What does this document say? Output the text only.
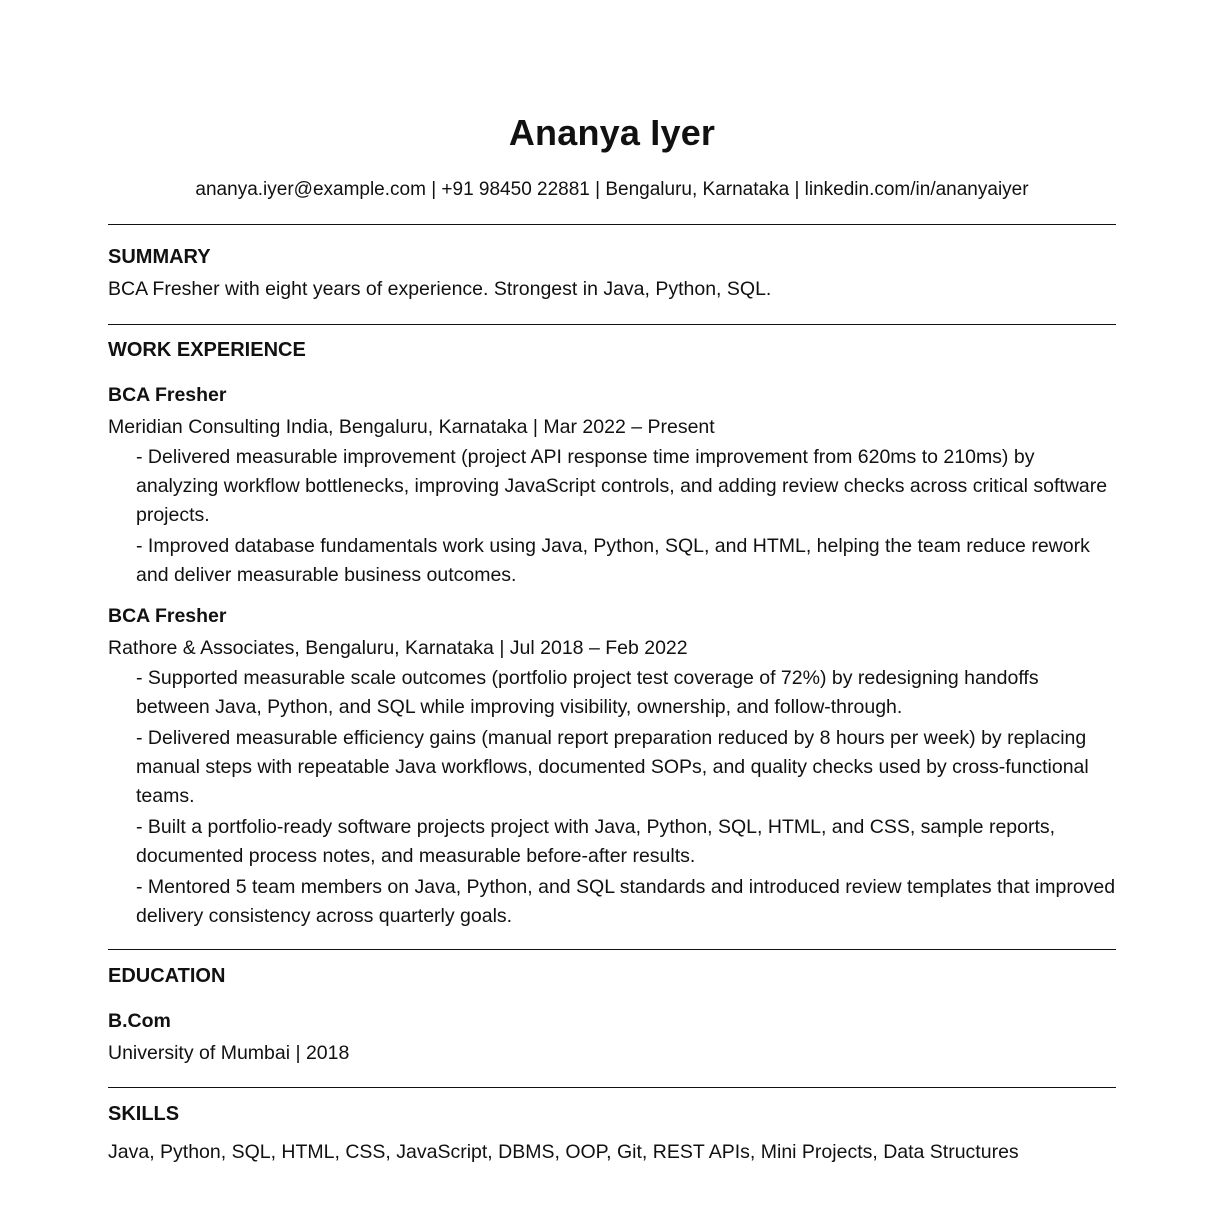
Ananya Iyer
ananya.iyer@example.com | +91 98450 22881 | Bengaluru, Karnataka | linkedin.com/in/ananyaiyer
SUMMARY

BCA Fresher with eight years of experience. Strongest in Java, Python, SQL.

WORK EXPERIENCE
BCA Fresher

Meridian Consulting India, Bengaluru, Karnataka | Mar 2022 – Present

- Delivered measurable improvement (project API response time improvement from 620ms to 210ms) by analyzing workflow bottlenecks, improving JavaScript controls, and adding review checks across critical software projects.
- Improved database fundamentals work using Java, Python, SQL, and HTML, helping the team reduce rework and deliver measurable business outcomes.
BCA Fresher

Rathore & Associates, Bengaluru, Karnataka | Jul 2018 – Feb 2022

- Supported measurable scale outcomes (portfolio project test coverage of 72%) by redesigning handoffs between Java, Python, and SQL while improving visibility, ownership, and follow-through.
- Delivered measurable efficiency gains (manual report preparation reduced by 8 hours per week) by replacing manual steps with repeatable Java workflows, documented SOPs, and quality checks used by cross-functional teams.
- Built a portfolio-ready software projects project with Java, Python, SQL, HTML, and CSS, sample reports, documented process notes, and measurable before-after results.
- Mentored 5 team members on Java, Python, and SQL standards and introduced review templates that improved delivery consistency across quarterly goals.
EDUCATION
B.Com

University of Mumbai | 2018

SKILLS

Java, Python, SQL, HTML, CSS, JavaScript, DBMS, OOP, Git, REST APIs, Mini Projects, Data Structures
